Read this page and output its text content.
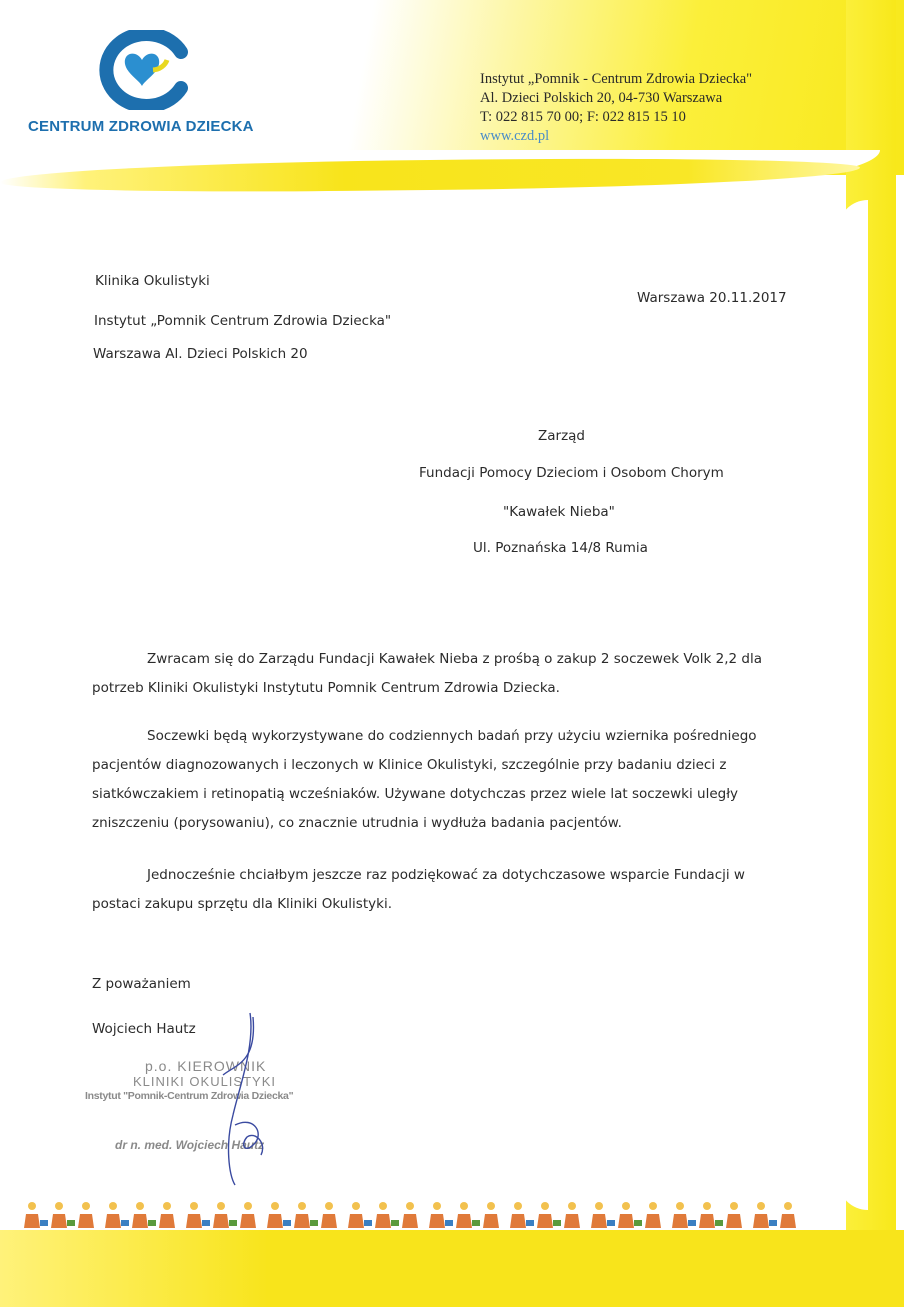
CENTRUM ZDROWIA DZIECKA
Instytut „Pomnik - Centrum Zdrowia Dziecka"
Al. Dzieci Polskich 20, 04-730 Warszawa
T: 022 815 70 00; F: 022 815 15 10
www.czd.pl
Klinika Okulistyki
Instytut „Pomnik Centrum Zdrowia Dziecka"
Warszawa Al. Dzieci Polskich 20
Warszawa 20.11.2017
Zarząd
Fundacji Pomocy Dzieciom i Osobom Chorym
"Kawałek Nieba"
Ul. Poznańska 14/8 Rumia
Zwracam się do Zarządu Fundacji Kawałek Nieba z prośbą o zakup 2 soczewek Volk 2,2 dla potrzeb Kliniki Okulistyki Instytutu Pomnik Centrum Zdrowia Dziecka.
Soczewki będą wykorzystywane do codziennych badań przy użyciu wziernika pośredniego pacjentów diagnozowanych i leczonych w Klinice Okulistyki, szczególnie przy badaniu dzieci z siatkówczakiem i retinopatią wcześniaków. Używane dotychczas przez wiele lat soczewki uległy zniszczeniu (porysowaniu), co znacznie utrudnia i wydłuża badania pacjentów.
Jednocześnie chciałbym jeszcze raz podziękować za dotychczasowe wsparcie Fundacji w postaci zakupu sprzętu dla Kliniki Okulistyki.
Z poważaniem
Wojciech Hautz
p.o. KIEROWNIK
KLINIKI OKULISTYKI
Instytut "Pomnik-Centrum Zdrowia Dziecka"
dr n. med. Wojciech Hautz
